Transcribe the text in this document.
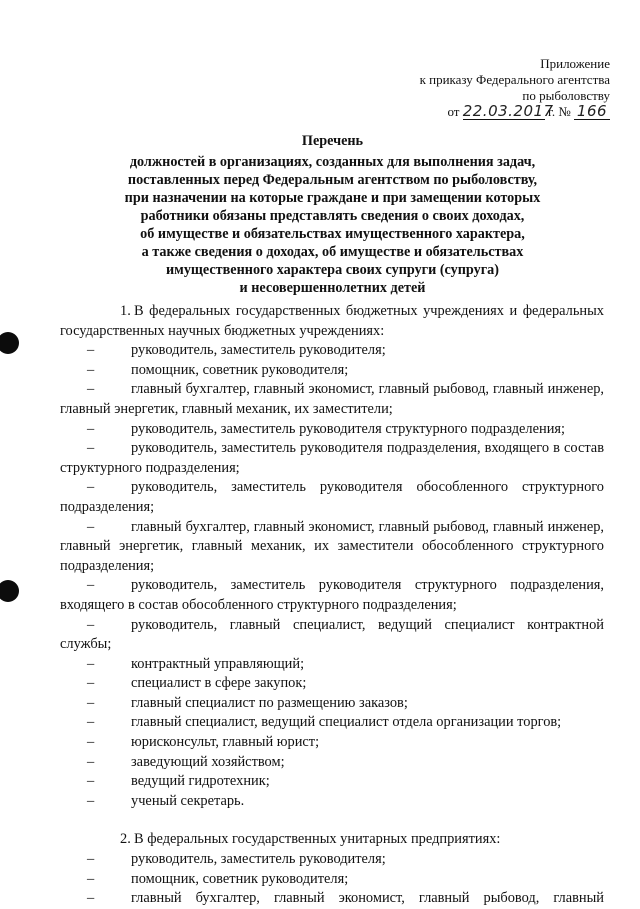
Приложение
к приказу Федерального агентства
по рыболовству
от 22.03.2017 г. № 166
Перечень
должностей в организациях, созданных для выполнения задач,
поставленных перед Федеральным агентством по рыболовству,
при назначении на которые граждане и при замещении которых
работники обязаны представлять сведения о своих доходах,
об имуществе и обязательствах имущественного характера,
а также сведения о доходах, об имуществе и обязательствах
имущественного характера своих супруги (супруга)
и несовершеннолетних детей
1. В федеральных государственных бюджетных учреждениях и федеральных государственных научных бюджетных учреждениях:
–	руководитель, заместитель руководителя;
–	помощник, советник руководителя;
–	главный бухгалтер, главный экономист, главный рыбовод, главный инженер, главный энергетик, главный механик, их заместители;
–	руководитель, заместитель руководителя структурного подразделения;
–	руководитель, заместитель руководителя подразделения, входящего в состав структурного подразделения;
–	руководитель, заместитель руководителя обособленного структурного подразделения;
–	главный бухгалтер, главный экономист, главный рыбовод, главный инженер, главный энергетик, главный механик, их заместители обособленного структурного подразделения;
–	руководитель, заместитель руководителя структурного подразделения, входящего в состав обособленного структурного подразделения;
–	руководитель, главный специалист, ведущий специалист контрактной службы;
–	контрактный управляющий;
–	специалист в сфере закупок;
–	главный специалист по размещению заказов;
–	главный специалист, ведущий специалист отдела организации торгов;
–	юрисконсульт, главный юрист;
–	заведующий хозяйством;
–	ведущий гидротехник;
–	ученый секретарь.
2. В федеральных государственных унитарных предприятиях:
–	руководитель, заместитель руководителя;
–	помощник, советник руководителя;
–	главный бухгалтер, главный экономист, главный рыбовод, главный
